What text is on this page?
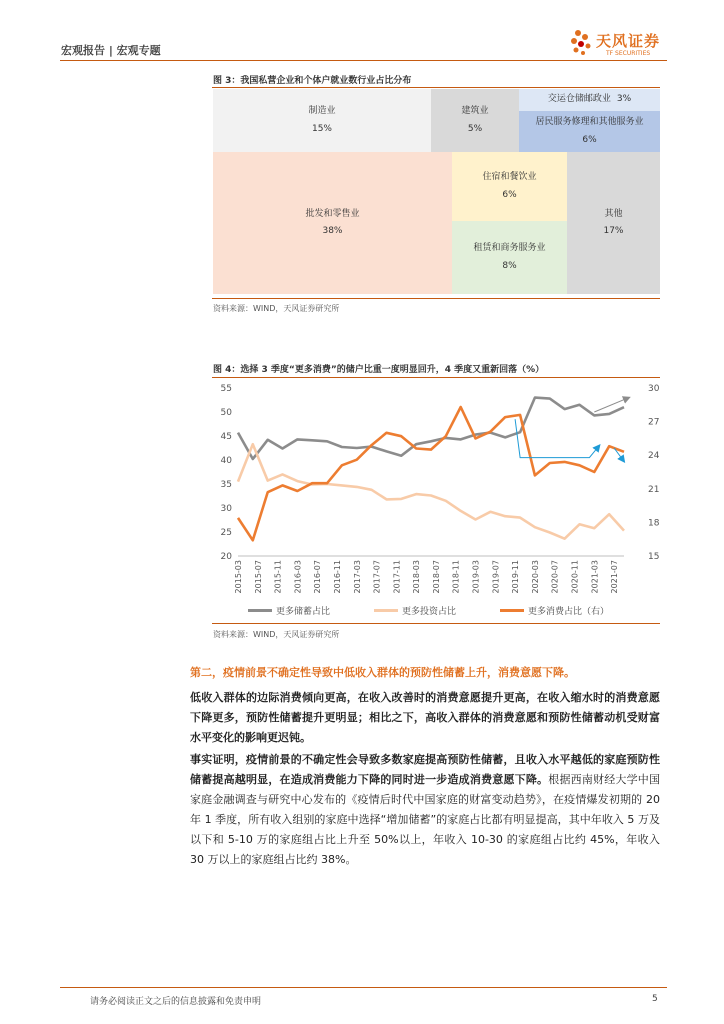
宏观报告 | 宏观专题
天风证券
TF SECURITIES
图 3：我国私营企业和个体户就业数行业占比分布
制造业
15%
建筑业
5%
交运仓储邮政业 3%
居民服务修理和其他服务业
6%
批发和零售业
38%
住宿和餐饮业
6%
租赁和商务服务业
8%
其他
17%
资料来源：WIND，天风证券研究所
图 4：选择 3 季度“更多消费”的储户比重一度明显回升，4 季度又重新回落（%）
20
25
30
35
40
45
50
55
15
18
21
24
27
30
2015-03 2015-07 2015-11 2016-03 2016-07 2016-11 2017-03 2017-07 2017-11 2018-03 2018-07 2018-11 2019-03 2019-07 2019-11 2020-03 2020-07 2020-11 2021-03 2021-07
更多储蓄占比	更多投资占比	更多消费占比（右）
资料来源：WIND，天风证券研究所
第二，疫情前景不确定性导致中低收入群体的预防性储蓄上升，消费意愿下降。
低收入群体的边际消费倾向更高，在收入改善时的消费意愿提升更高，在收入缩水时的消费意愿下降更多，预防性储蓄提升更明显；相比之下，高收入群体的消费意愿和预防性储蓄动机受财富水平变化的影响更迟钝。
事实证明，疫情前景的不确定性会导致多数家庭提高预防性储蓄，且收入水平越低的家庭预防性储蓄提高越明显，在造成消费能力下降的同时进一步造成消费意愿下降。根据西南财经大学中国家庭金融调查与研究中心发布的《疫情后时代中国家庭的财富变动趋势》，在疫情爆发初期的 20 年 1 季度，所有收入组别的家庭中选择“增加储蓄”的家庭占比都有明显提高，其中年收入 5 万及以下和 5-10 万的家庭组占比上升至 50%以上，年收入 10-30 的家庭组占比约 45%，年收入 30 万以上的家庭组占比约 38%。
请务必阅读正文之后的信息披露和免责申明	5
